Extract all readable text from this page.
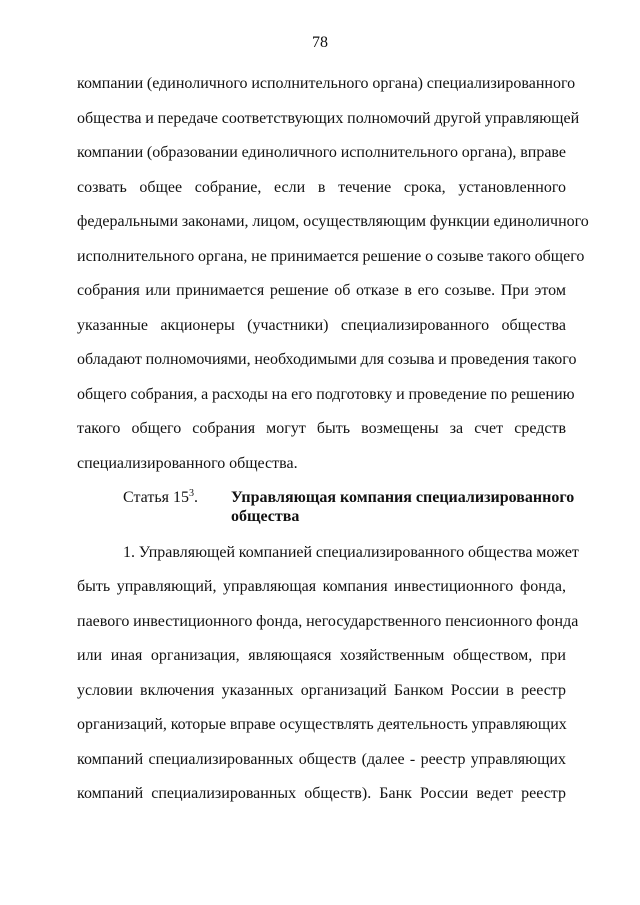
78
компании (единоличного исполнительного органа) специализированного
общества и передаче соответствующих полномочий другой управляющей
компании (образовании единоличного исполнительного органа), вправе
созвать общее собрание, если в течение срока, установленного
федеральными законами, лицом, осуществляющим функции единоличного
исполнительного органа, не принимается решение о созыве такого общего
собрания или принимается решение об отказе в его созыве. При этом
указанные акционеры (участники) специализированного общества
обладают полномочиями, необходимыми для созыва и проведения такого
общего собрания, а расходы на его подготовку и проведение по решению
такого общего собрания могут быть возмещены за счет средств
специализированного общества.
Статья $15^3$. Управляющая компания специализированного
общества
1. Управляющей компанией специализированного общества может
быть управляющий, управляющая компания инвестиционного фонда,
паевого инвестиционного фонда, негосударственного пенсионного фонда
или иная организация, являющаяся хозяйственным обществом, при
условии включения указанных организаций Банком России в реестр
организаций, которые вправе осуществлять деятельность управляющих
компаний специализированных обществ (далее - реестр управляющих
компаний специализированных обществ). Банк России ведет реестр
